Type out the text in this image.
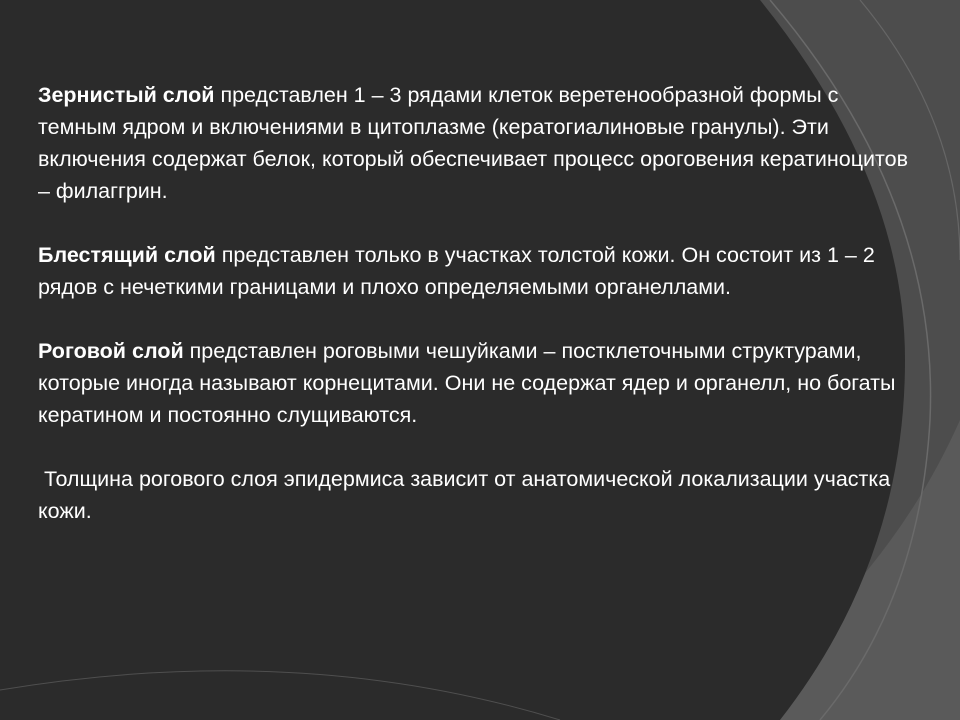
Зернистый слой представлен 1 – 3 рядами клеток веретенообразной формы с темным ядром и включениями в цитоплазме (кератогиалиновые гранулы). Эти включения содержат белок, который обеспечивает процесс ороговения кератиноцитов – филаггрин.

Блестящий слой представлен только в участках толстой кожи. Он состоит из 1 – 2 рядов с нечеткими границами и плохо определяемыми органеллами.

Роговой слой представлен роговыми чешуйками – постклеточными структурами, которые иногда называют корнецитами. Они не содержат ядер и органелл, но богаты кератином и постоянно слущиваются.

Толщина рогового слоя эпидермиса зависит от анатомической локализации участка кожи.
